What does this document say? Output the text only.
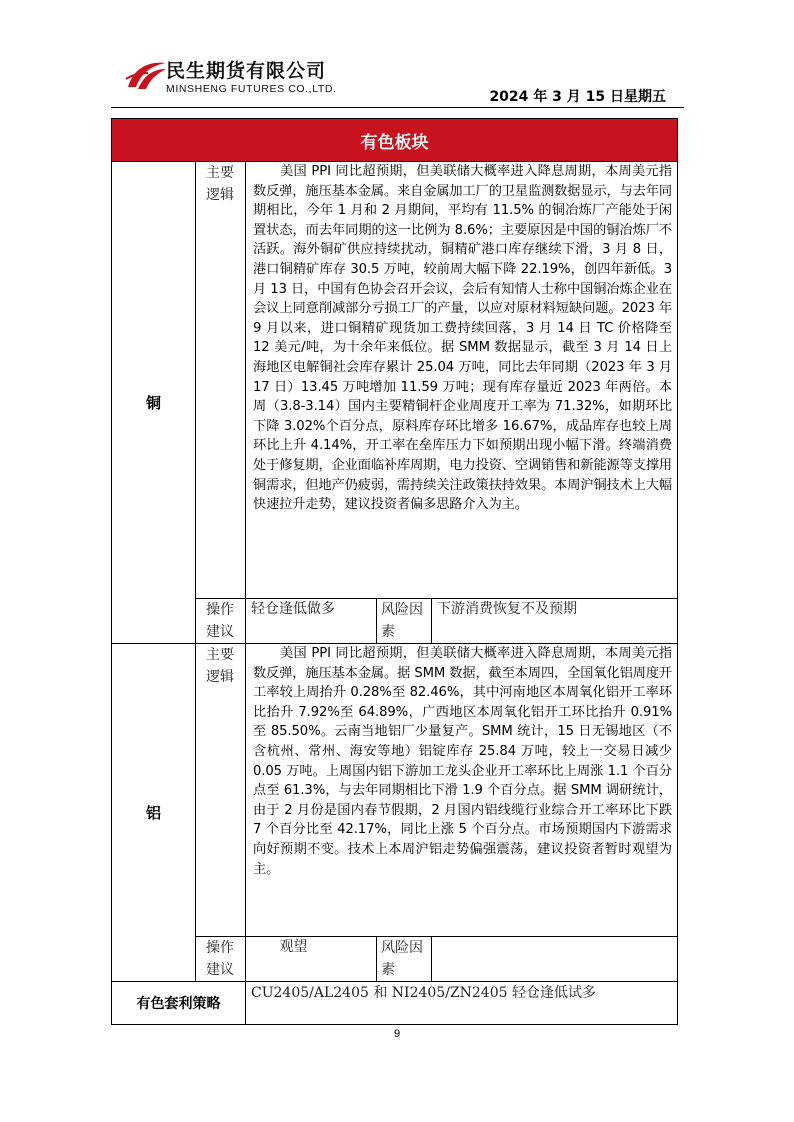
民生期货有限公司
MINSHENG FUTURES CO.,LTD.	2024 年 3 月 15 日星期五
有色板块				
铜	主要逻辑	　　美国 PPI 同比超预期，但美联储大概率进入降息周期，本周美元指数反弹，施压基本金属。来自金属加工厂的卫星监测数据显示，与去年同期相比，今年 1 月和 2 月期间，平均有 11.5% 的铜冶炼厂产能处于闲置状态，而去年同期的这一比例为 8.6%；主要原因是中国的铜冶炼厂不活跃。海外铜矿供应持续扰动，铜精矿港口库存继续下滑，3 月 8 日，港口铜精矿库存 30.5 万吨，较前周大幅下降 22.19%，创四年新低。3 月 13 日，中国有色协会召开会议，会后有知情人士称中国铜冶炼企业在会议上同意削减部分亏损工厂的产量，以应对原材料短缺问题。2023 年 9 月以来，进口铜精矿现货加工费持续回落，3 月 14 日 TC 价格降至 12 美元/吨，为十余年来低位。据 SMM 数据显示，截至 3 月 14 日上海地区电解铜社会库存累计 25.04 万吨，同比去年同期（2023 年 3 月 17 日）13.45 万吨增加 11.59 万吨；现有库存量近 2023 年两倍。本周（3.8-3.14）国内主要精铜杆企业周度开工率为 71.32%，如期环比下降 3.02%个百分点，原料库存环比增多 16.67%，成品库存也较上周环比上升 4.14%，开工率在垒库压力下如预期出现小幅下滑。终端消费处于修复期，企业面临补库周期，电力投资、空调销售和新能源等支撑用铜需求，但地产仍疲弱，需持续关注政策扶持效果。本周沪铜技术上大幅快速拉升走势，建议投资者偏多思路介入为主。		
	操作建议	轻仓逢低做多	风险因素	下游消费恢复不及预期
铝	主要逻辑	　　美国 PPI 同比超预期，但美联储大概率进入降息周期，本周美元指数反弹，施压基本金属。据 SMM 数据，截至本周四，全国氧化铝周度开工率较上周抬升 0.28%至 82.46%，其中河南地区本周氧化铝开工率环比抬升 7.92%至 64.89%，广西地区本周氧化铝开工环比抬升 0.91%至 85.50%。云南当地铝厂少量复产。SMM 统计，15 日无锡地区（不含杭州、常州、海安等地）铝锭库存 25.84 万吨，较上一交易日减少 0.05 万吨。上周国内铝下游加工龙头企业开工率环比上周涨 1.1 个百分点至 61.3%，与去年同期相比下滑 1.9 个百分点。据 SMM 调研统计，由于 2 月份是国内春节假期，2 月国内铝线缆行业综合开工率环比下跌 7 个百分比至 42.17%，同比上涨 5 个百分点。市场预期国内下游需求向好预期不变。技术上本周沪铝走势偏强震荡，建议投资者暂时观望为主。		
	操作建议	观望	风险因素	
有色套利策略		CU2405/AL2405 和 NI2405/ZN2405 轻仓逢低试多		
9
